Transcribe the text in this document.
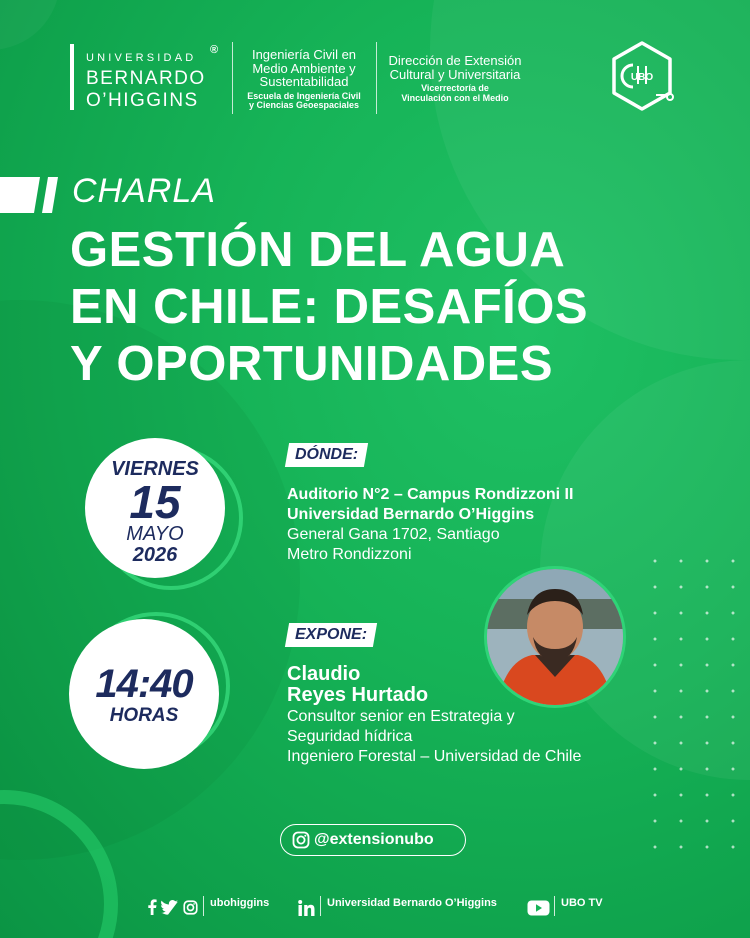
UNIVERSIDAD
BERNARDO
O’HIGGINS
®	Ingeniería Civil en
Medio Ambiente y
Sustentabilidad
Escuela de Ingeniería Civil
y Ciencias Geoespaciales
Dirección de Extensión
Cultural y Universitaria
Vicerrectoría de
Vinculación con el Medio
UBO
CHARLA
GESTIÓN DEL AGUA
EN CHILE: DESAFÍOS
Y OPORTUNIDADES
VIERNES
15
MAYO
2026
14:40
HORAS
DÓNDE:
Auditorio N°2 – Campus Rondizzoni II
Universidad Bernardo O’Higgins
General Gana 1702, Santiago
Metro Rondizzoni
EXPONE:
Claudio
Reyes Hurtado
Consultor senior en Estrategia y
Seguridad hídrica
Ingeniero Forestal – Universidad de Chile
@extensionubo
ubohiggins	Universidad Bernardo O’Higgins	UBO TV
